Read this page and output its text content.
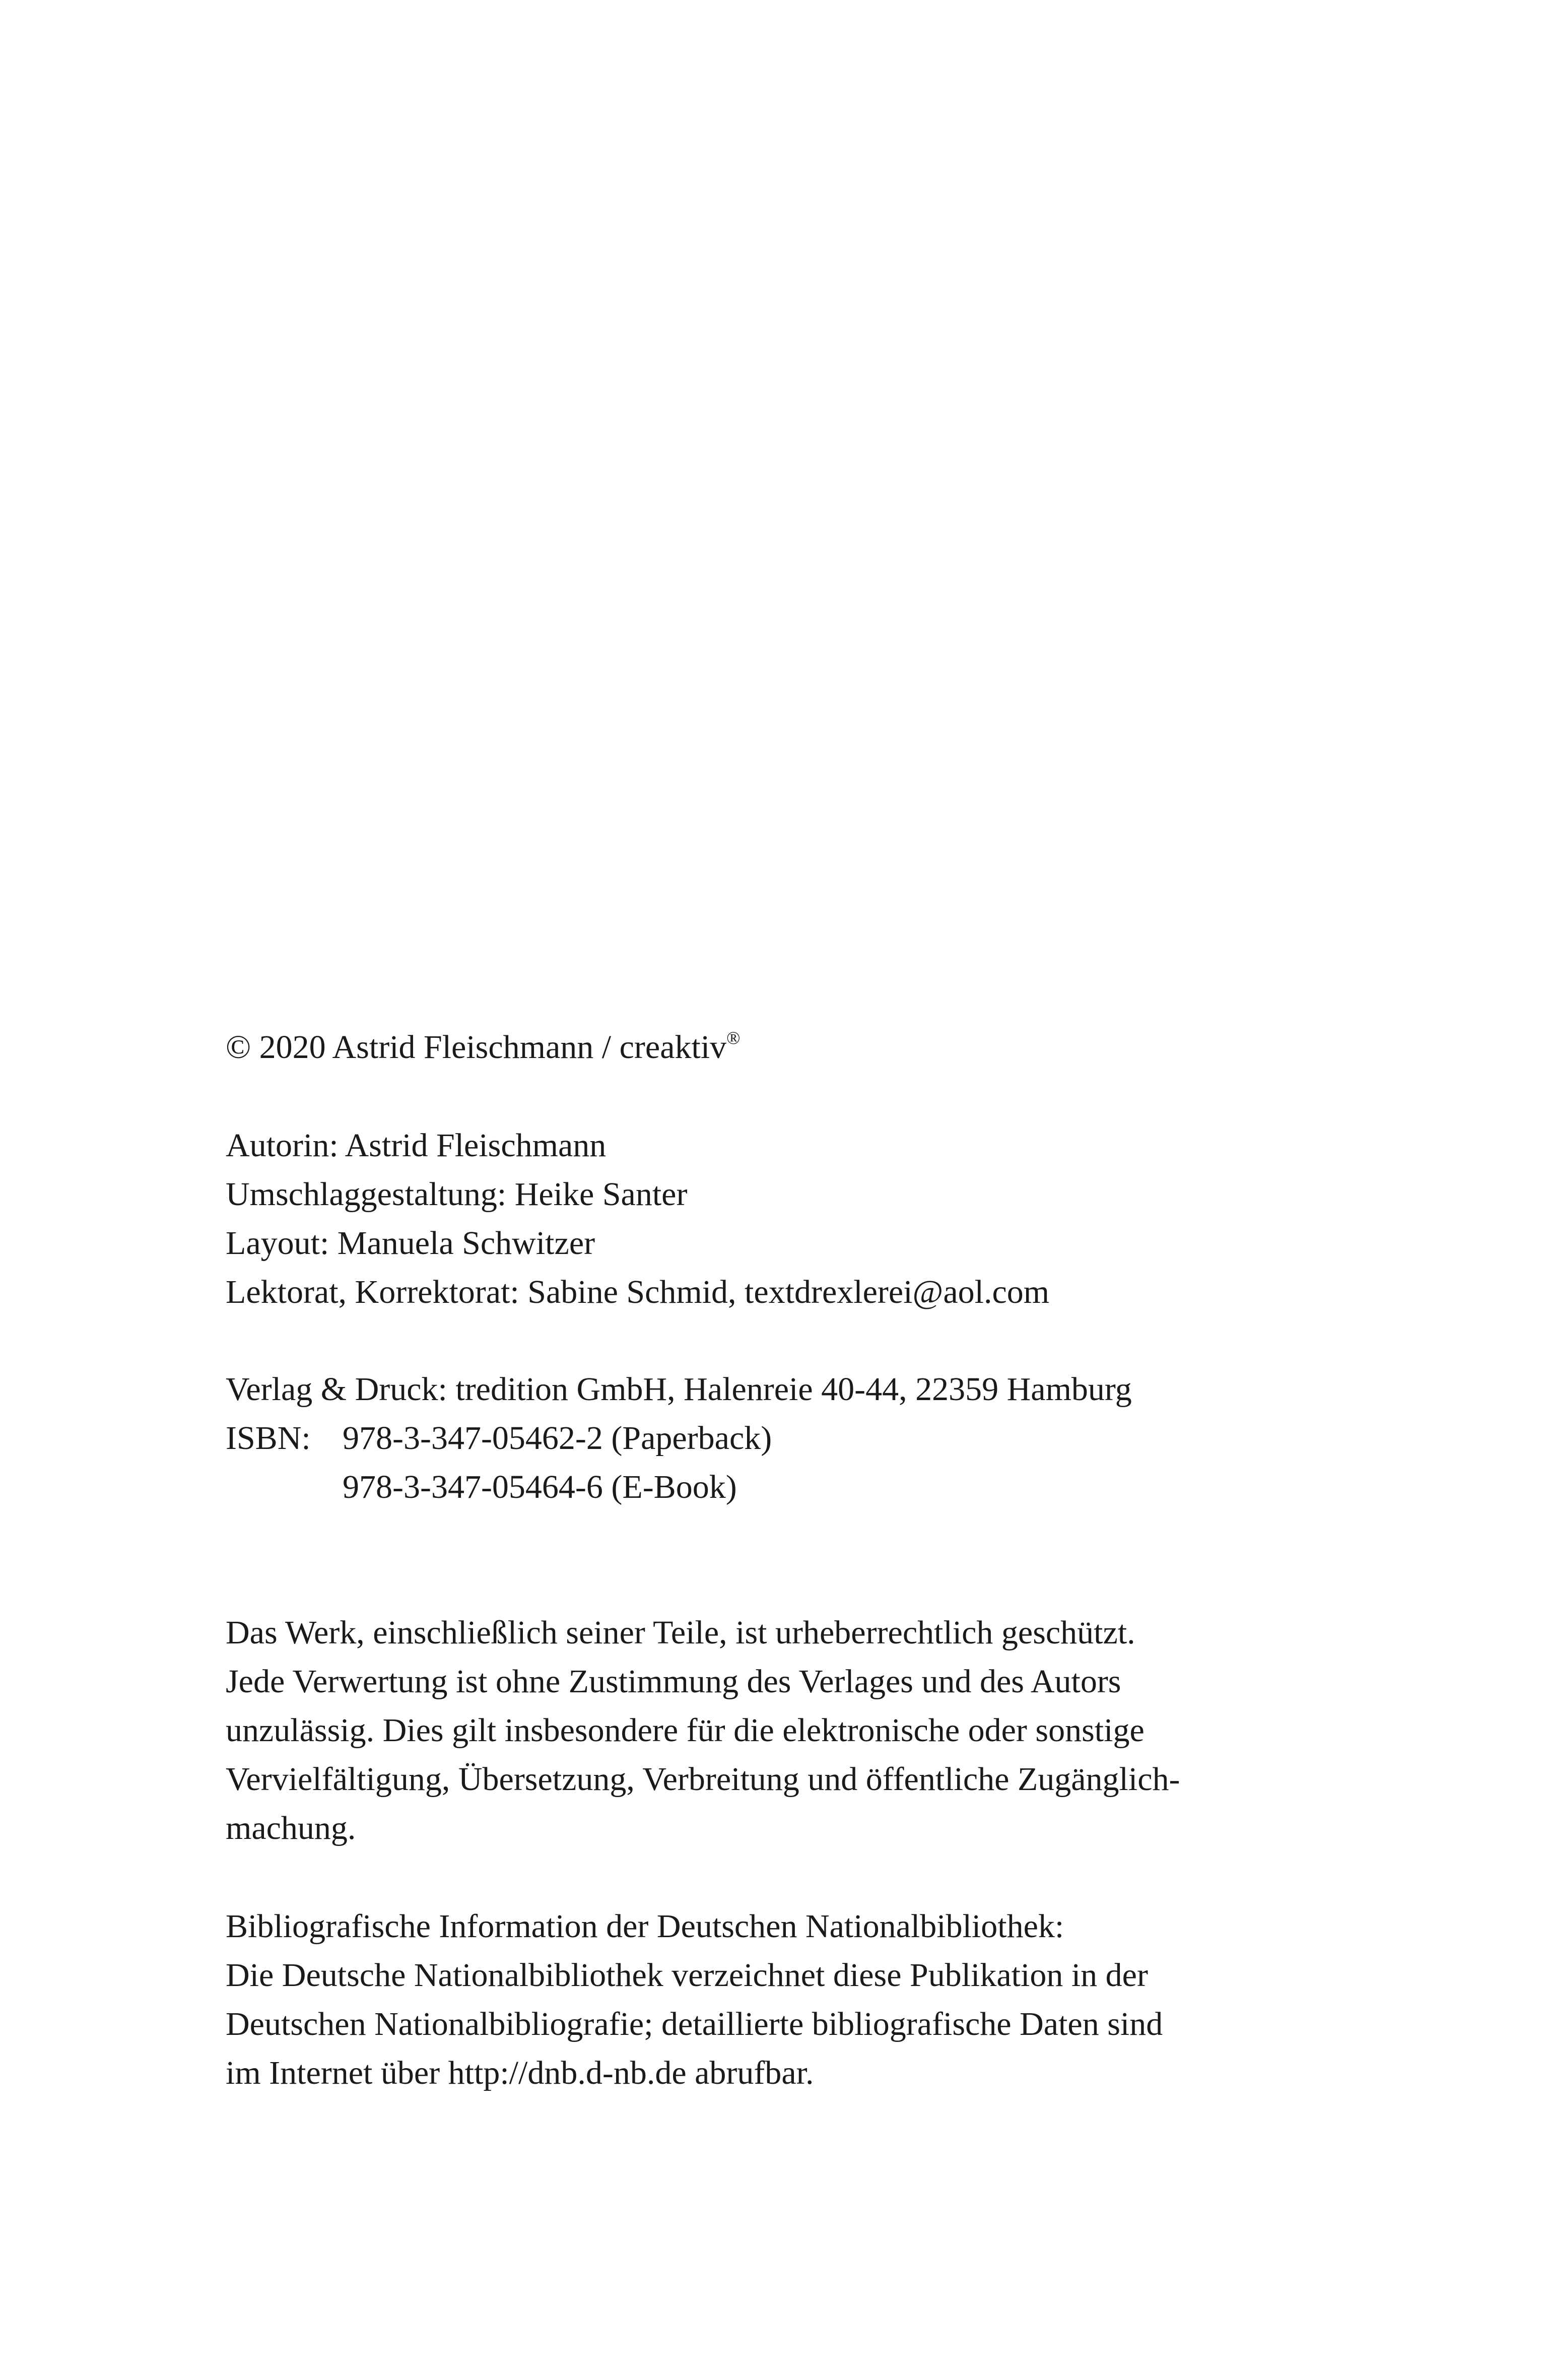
© 2020 Astrid Fleischmann / creaktiv®
Autorin: Astrid Fleischmann
Umschlaggestaltung: Heike Santer
Layout: Manuela Schwitzer
Lektorat, Korrektorat: Sabine Schmid, textdrexlerei@aol.com
Verlag & Druck: tredition GmbH, Halenreie 40-44, 22359 Hamburg
ISBN: 978-3-347-05462-2 (Paperback)
978-3-347-05464-6 (E-Book)
Das Werk, einschließlich seiner Teile, ist urheberrechtlich geschützt.
Jede Verwertung ist ohne Zustimmung des Verlages und des Autors
unzulässig. Dies gilt insbesondere für die elektronische oder sonstige
Vervielfältigung, Übersetzung, Verbreitung und öffentliche Zugänglich-
machung.
Bibliografische Information der Deutschen Nationalbibliothek:
Die Deutsche Nationalbibliothek verzeichnet diese Publikation in der
Deutschen Nationalbibliografie; detaillierte bibliografische Daten sind
im Internet über http://dnb.d-nb.de abrufbar.
